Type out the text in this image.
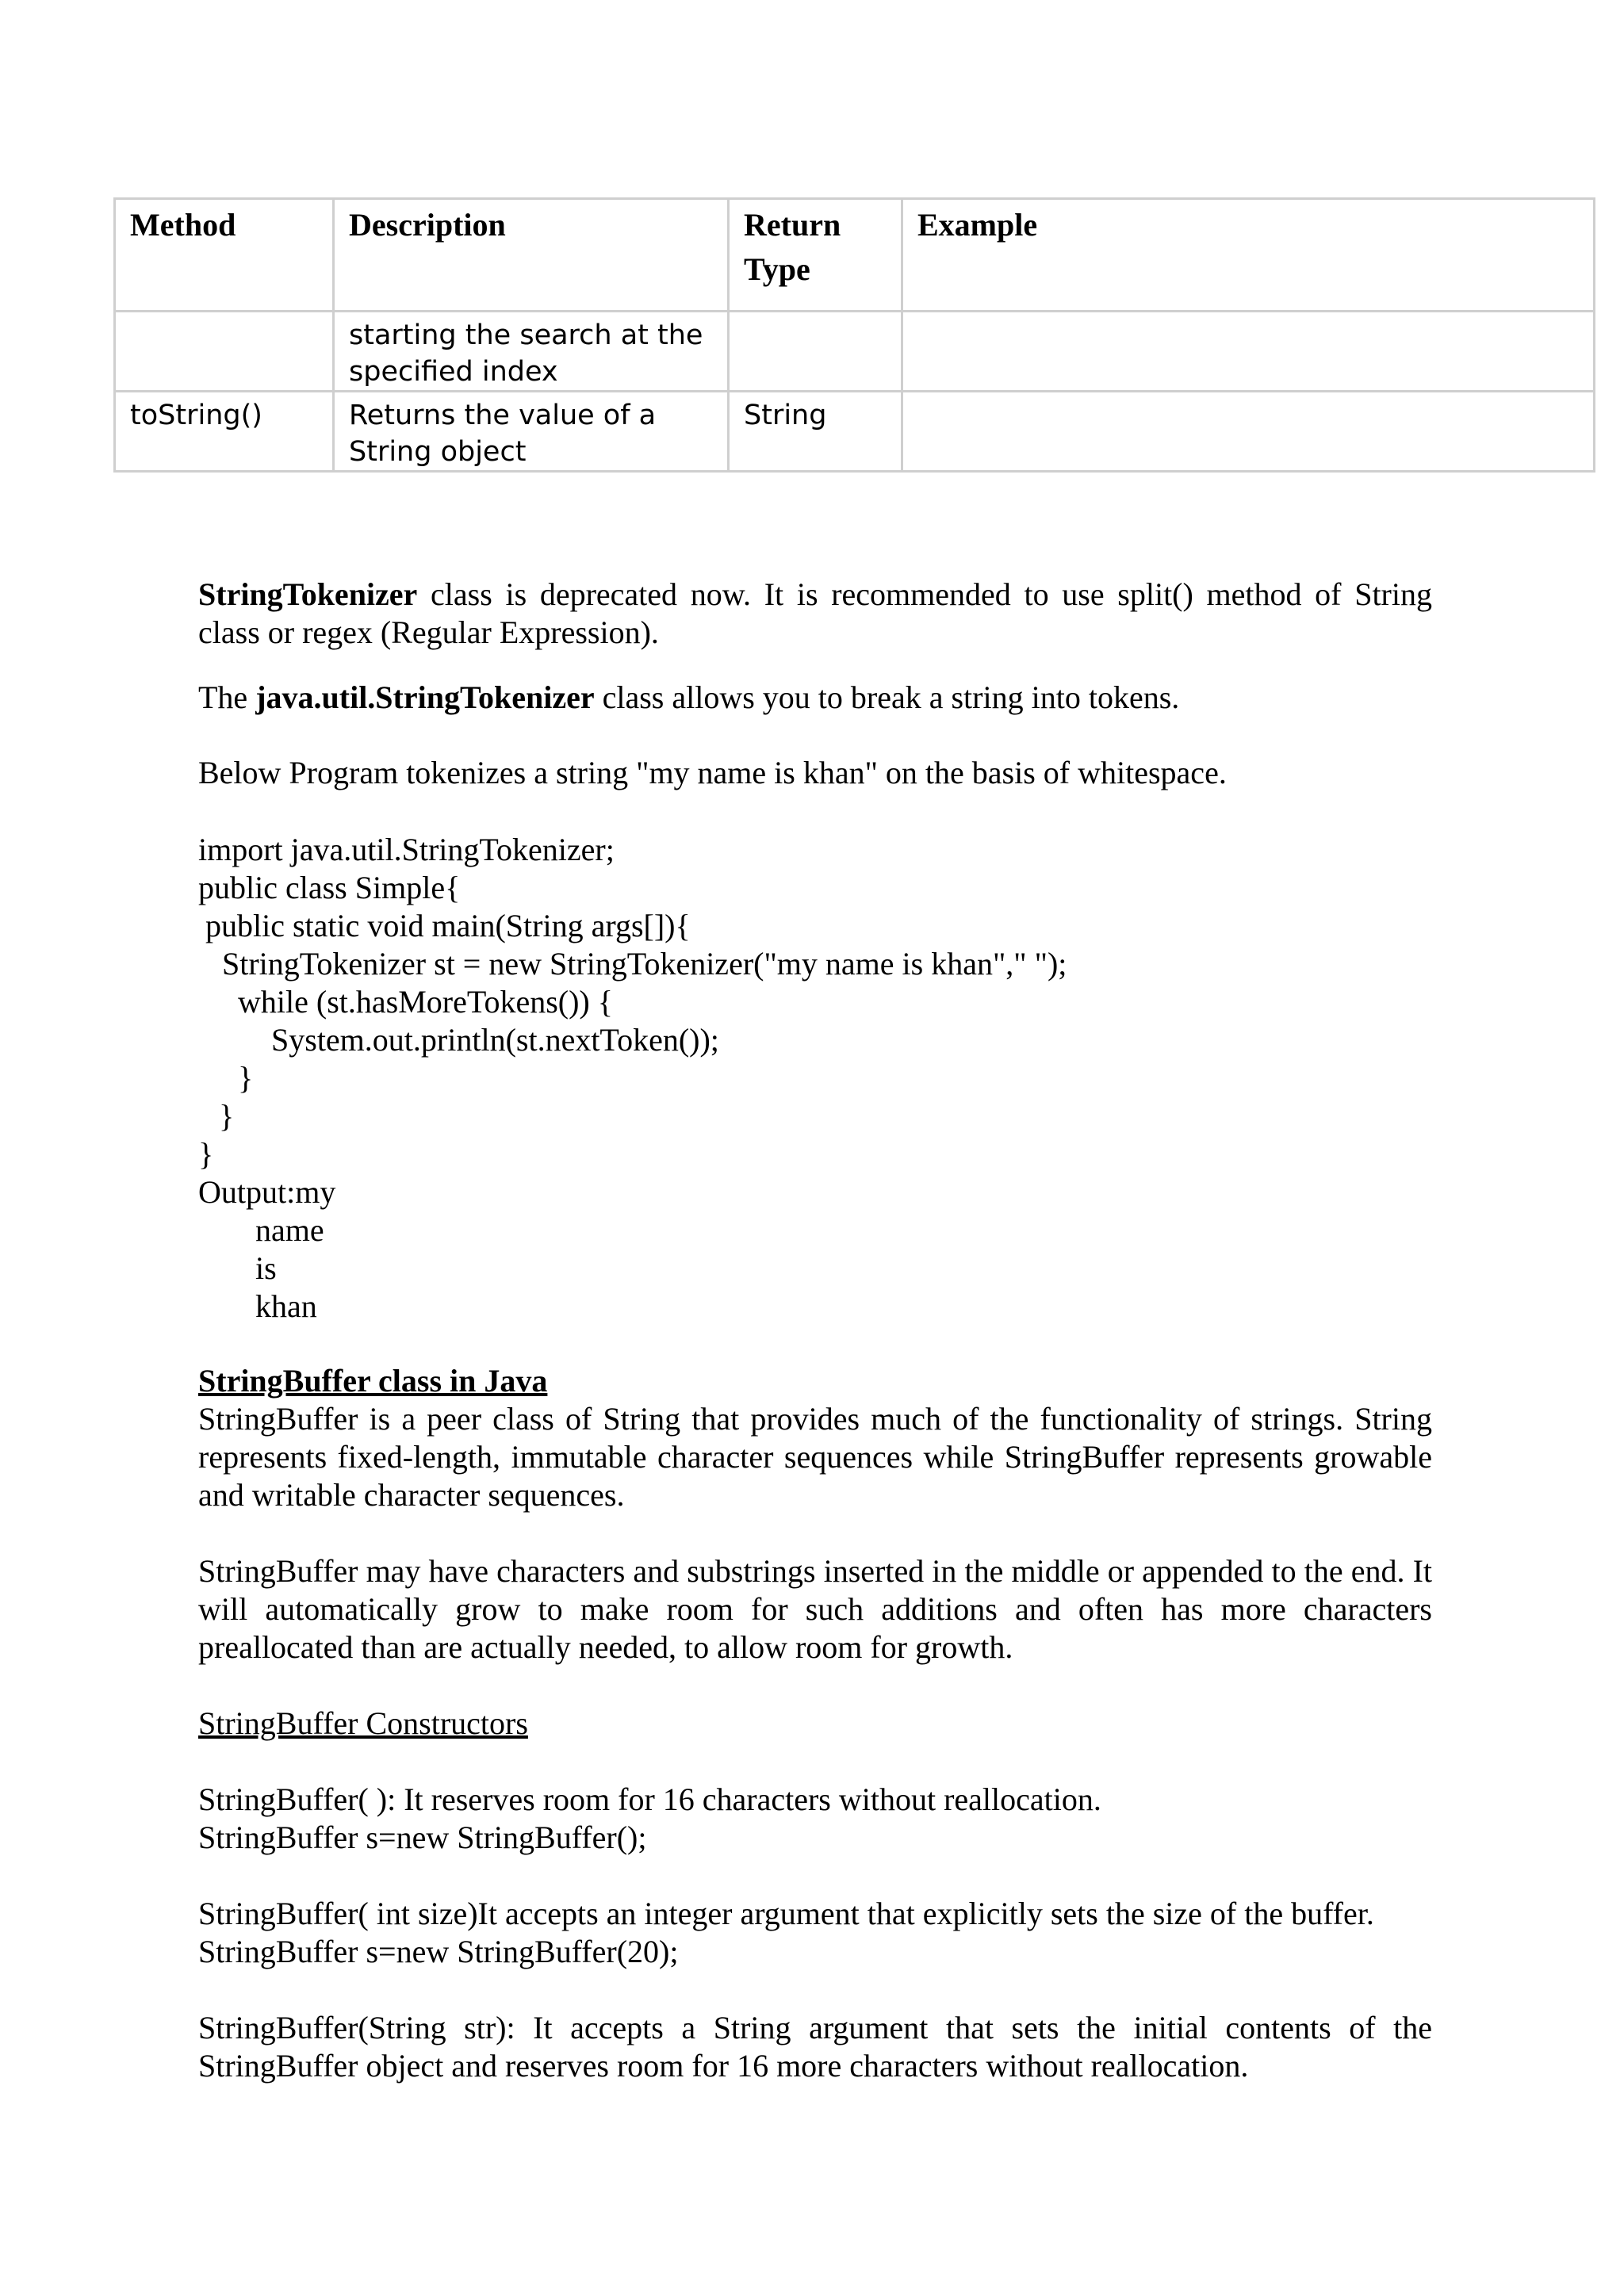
Method	Description	Return Type	Example
	starting the search at the specified index		
toString()	Returns the value of a String object	String	

StringTokenizer class is deprecated now. It is recommended to use split() method of String class or regex (Regular Expression).

The java.util.StringTokenizer class allows you to break a string into tokens.

Below Program tokenizes a string "my name is khan" on the basis of whitespace.

import java.util.StringTokenizer;

public class Simple{

public static void main(String args[]){

StringTokenizer st = new StringTokenizer("my name is khan"," ");

while (st.hasMoreTokens()) {

System.out.println(st.nextToken());

}

}

}

Output:my

name

is

khan

StringBuffer class in Java

StringBuffer is a peer class of String that provides much of the functionality of strings. String represents fixed-length, immutable character sequences while StringBuffer represents growable and writable character sequences.

StringBuffer may have characters and substrings inserted in the middle or appended to the end. It will automatically grow to make room for such additions and often has more characters preallocated than are actually needed, to allow room for growth.

StringBuffer Constructors

StringBuffer( ): It reserves room for 16 characters without reallocation.

StringBuffer s=new StringBuffer();

StringBuffer( int size)It accepts an integer argument that explicitly sets the size of the buffer.

StringBuffer s=new StringBuffer(20);

StringBuffer(String str): It accepts a String argument that sets the initial contents of the StringBuffer object and reserves room for 16 more characters without reallocation.
